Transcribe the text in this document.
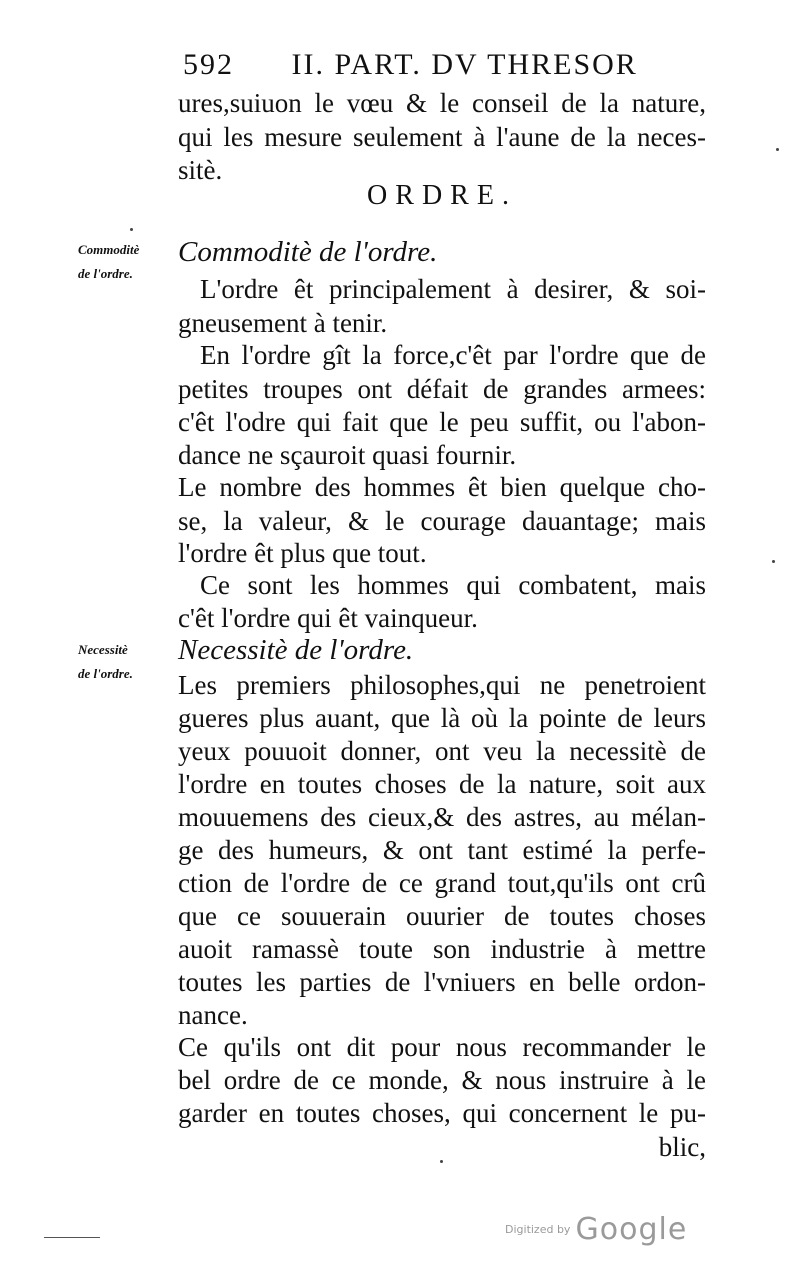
592 II. PART. DV THRESOR
ures,suiuon le vœu & le conseil de la nature,
qui les mesure seulement à l'aune de la neces-
sitè.
ORDRE.
Commoditè
de l'ordre.
Commoditè de l'ordre.
L'ordre êt principalement à desirer, & soi-
gneusement à tenir.
En l'ordre gît la force,c'êt par l'ordre que de
petites troupes ont défait de grandes armees:
c'êt l'odre qui fait que le peu suffit, ou l'abon-
dance ne sçauroit quasi fournir.
Le nombre des hommes êt bien quelque cho-
se, la valeur, & le courage dauantage; mais
l'ordre êt plus que tout.
Ce sont les hommes qui combatent, mais
c'êt l'ordre qui êt vainqueur.
Necessitè
de l'ordre.
Necessitè de l'ordre.
Les premiers philosophes,qui ne penetroient
gueres plus auant, que là où la pointe de leurs
yeux pouuoit donner, ont veu la necessitè de
l'ordre en toutes choses de la nature, soit aux
mouuemens des cieux,& des astres, au mélan-
ge des humeurs, & ont tant estimé la perfe-
ction de l'ordre de ce grand tout,qu'ils ont crû
que ce souuerain ouurier de toutes choses
auoit ramassè toute son industrie à mettre
toutes les parties de l'vniuers en belle ordon-
nance.
Ce qu'ils ont dit pour nous recommander le
bel ordre de ce monde, & nous instruire à le
garder en toutes choses, qui concernent le pu-
blic,
Digitized by Google
